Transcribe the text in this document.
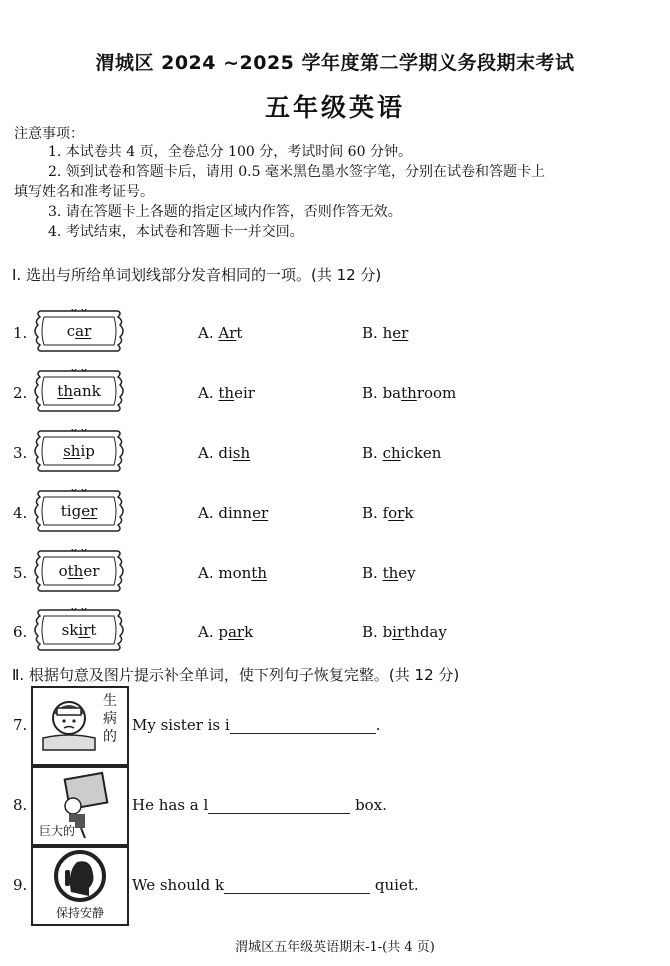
渭城区 2024 ~2025 学年度第二学期义务段期末考试
五年级英语
注意事项：
1. 本试卷共 4 页，全卷总分 100 分，考试时间 60 分钟。
2. 领到试卷和答题卡后，请用 0.5 毫米黑色墨水签字笔，分别在试卷和答题卡上
填写姓名和准考证号。
3. 请在答题卡上各题的指定区域内作答，否则作答无效。
4. 考试结束，本试卷和答题卡一并交回。
Ⅰ. 选出与所给单词划线部分发音相同的一项。(共 12 分)
1.	car	A. Art	B. her
2.	thank	A. their	B. bathroom
3.	ship	A. dish	B. chicken
4.	tiger	A. dinner	B. fork
5.	other	A. month	B. they
6.	skirt	A. park	B. birthday
Ⅱ. 根据句意及图片提示补全单词，使下列句子恢复完整。(共 12 分)
7.
生病的
My sister is i	.
8.
巨大的
He has a l	box.
9.
保持安静
We should k	quiet.
渭城区五年级英语期末-1-(共 4 页)
